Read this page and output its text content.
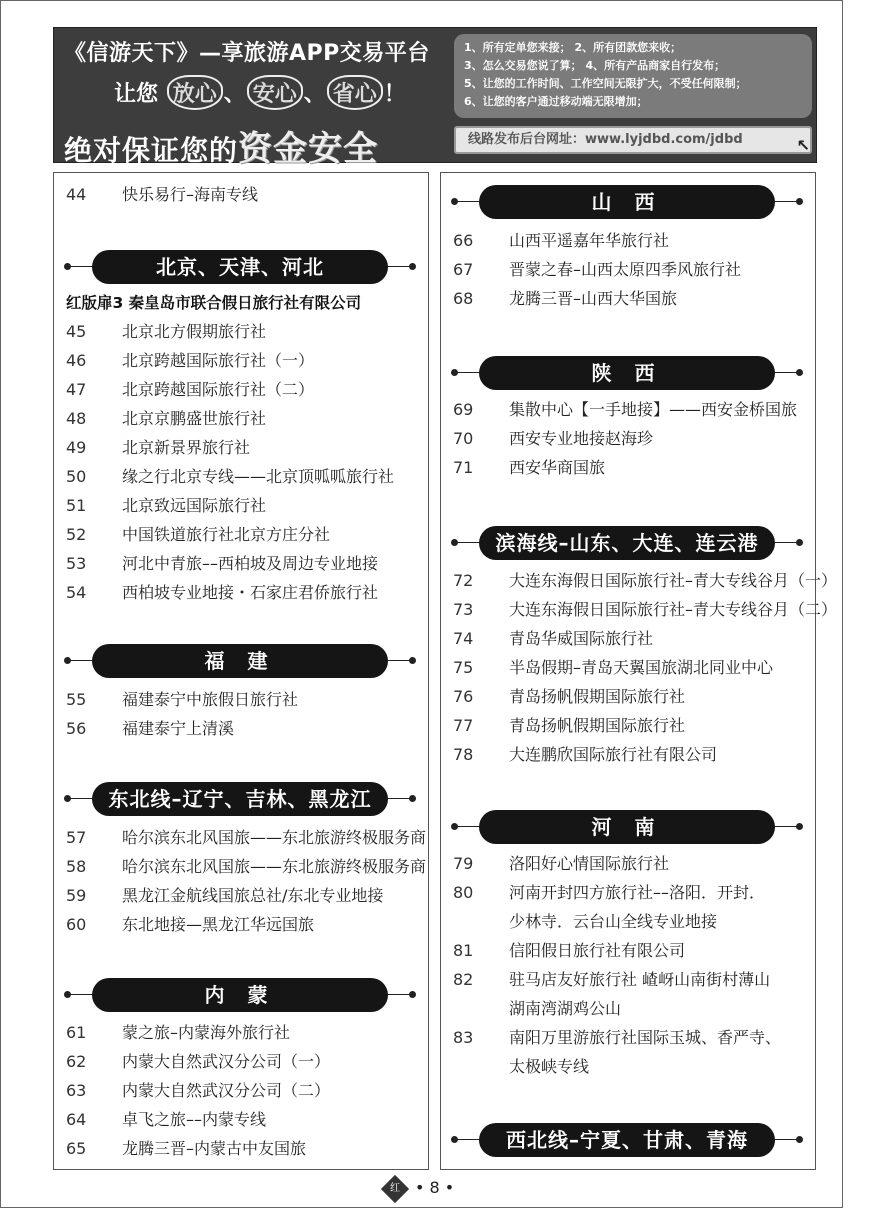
《信游天下》—享旅游APP交易平台
让您 放心 、 安心 、 省心 ！
绝对保证您的资金安全
1、所有定单您来接； 2、所有团款您来收；
3、怎么交易您说了算； 4、所有产品商家自行发布；
5、让您的工作时间、工作空间无限扩大，不受任何限制；
6、让您的客户通过移动端无限增加；
线路发布后台网址：www.lyjdbd.com/jdbd	↖
44	快乐易行–海南专线
北京、天津、河北
红版扉3 秦皇岛市联合假日旅行社有限公司
45	北京北方假期旅行社
46	北京跨越国际旅行社（一）
47	北京跨越国际旅行社（二）
48	北京京鹏盛世旅行社
49	北京新景界旅行社
50	缘之行北京专线——北京顶呱呱旅行社
51	北京致远国际旅行社
52	中国铁道旅行社北京方庄分社
53	河北中青旅––西柏坡及周边专业地接
54	西柏坡专业地接・石家庄君侨旅行社
福 建
55	福建泰宁中旅假日旅行社
56	福建泰宁上清溪
东北线–辽宁、吉林、黑龙江
57	哈尔滨东北风国旅——东北旅游终极服务商
58	哈尔滨东北风国旅——东北旅游终极服务商
59	黑龙江金航线国旅总社/东北专业地接
60	东北地接—黑龙江华远国旅
内 蒙
61	蒙之旅–内蒙海外旅行社
62	内蒙大自然武汉分公司（一）
63	内蒙大自然武汉分公司（二）
64	卓飞之旅––内蒙专线
65	龙腾三晋–内蒙古中友国旅
山 西
66	山西平遥嘉年华旅行社
67	晋蒙之春–山西太原四季风旅行社
68	龙腾三晋–山西大华国旅
陕 西
69	集散中心【一手地接】——西安金桥国旅
70	西安专业地接赵海珍
71	西安华商国旅
滨海线–山东、大连、连云港
72	大连东海假日国际旅行社–青大专线谷月（一）
73	大连东海假日国际旅行社–青大专线谷月（二）
74	青岛华威国际旅行社
75	半岛假期–青岛天翼国旅湖北同业中心
76	青岛扬帆假期国际旅行社
77	青岛扬帆假期国际旅行社
78	大连鹏欣国际旅行社有限公司
河 南
79	洛阳好心情国际旅行社
80	河南开封四方旅行社––洛阳．开封．
少林寺．云台山全线专业地接
81	信阳假日旅行社有限公司
82	驻马店友好旅行社 嵖岈山南街村薄山
湖南湾湖鸡公山
83	南阳万里游旅行社国际玉城、香严寺、
太极峡专线
西北线–宁夏、甘肃、青海
红 • 8 •
